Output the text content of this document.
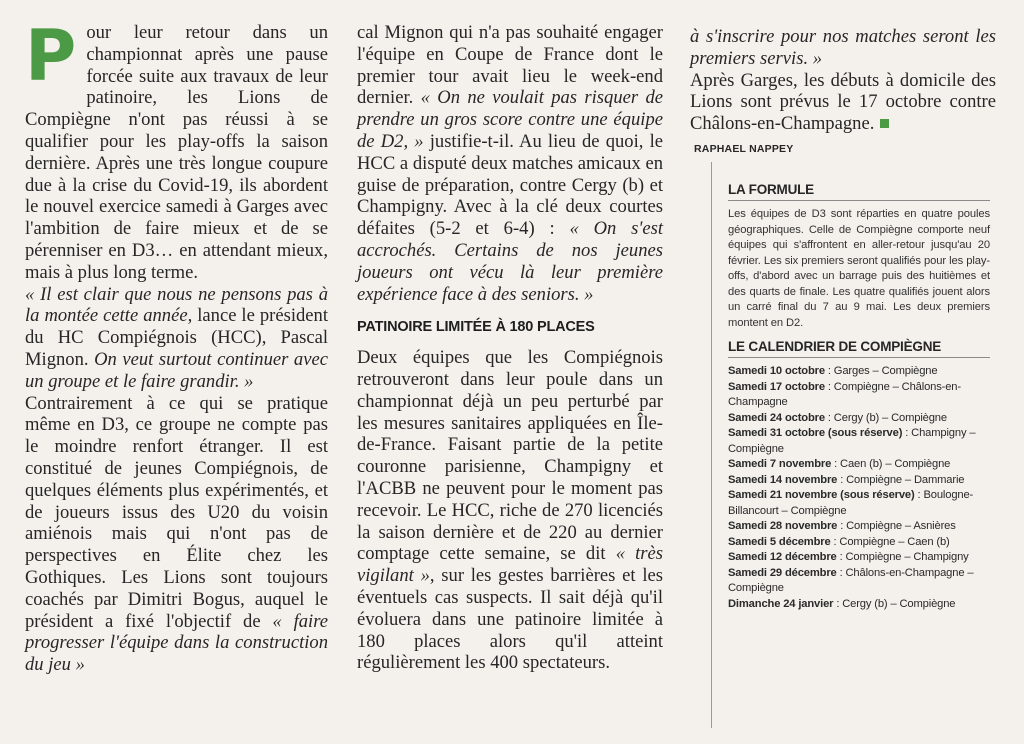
Pour leur retour dans un championnat après une pause forcée suite aux travaux de leur patinoire, les Lions de Compiègne n'ont pas réussi à se qualifier pour les play-offs la saison dernière. Après une très longue coupure due à la crise du Covid-19, ils abordent le nouvel exercice samedi à Garges avec l'ambition de faire mieux et de se pérenniser en D3… en attendant mieux, mais à plus long terme.

« Il est clair que nous ne pensons pas à la montée cette année, lance le président du HC Compiégnois (HCC), Pascal Mignon. On veut surtout continuer avec un groupe et le faire grandir. »

Contrairement à ce qui se pratique même en D3, ce groupe ne compte pas le moindre renfort étranger. Il est constitué de jeunes Compiégnois, de quelques éléments plus expérimentés, et de joueurs issus des U20 du voisin amiénois mais qui n'ont pas de perspectives en Élite chez les Gothiques. Les Lions sont toujours coachés par Dimitri Bogus, auquel le président a fixé l'objectif de « faire progresser l'équipe dans la construction du jeu »

cal Mignon qui n'a pas souhaité engager l'équipe en Coupe de France dont le premier tour avait lieu le week-end dernier. « On ne voulait pas risquer de prendre un gros score contre une équipe de D2, » justifie-t-il. Au lieu de quoi, le HCC a disputé deux matches amicaux en guise de préparation, contre Cergy (b) et Champigny. Avec à la clé deux courtes défaites (5-2 et 6-4) : « On s'est accrochés. Certains de nos jeunes joueurs ont vécu là leur première expérience face à des seniors. »

PATINOIRE LIMITÉE À 180 PLACES

Deux équipes que les Compiégnois retrouveront dans leur poule dans un championnat déjà un peu perturbé par les mesures sanitaires appliquées en Île-de-France. Faisant partie de la petite couronne parisienne, Champigny et l'ACBB ne peuvent pour le moment pas recevoir. Le HCC, riche de 270 licenciés la saison dernière et de 220 au dernier comptage cette semaine, se dit « très vigilant », sur les gestes barrières et les éventuels cas suspects. Il sait déjà qu'il évoluera dans une patinoire limitée à 180 places alors qu'il atteint régulièrement les 400 spectateurs.

à s'inscrire pour nos matches seront les premiers servis. »

Après Garges, les débuts à domicile des Lions sont prévus le 17 octobre contre Châlons-en-Champagne.

RAPHAEL NAPPEY
LA FORMULE
Les équipes de D3 sont réparties en quatre poules géographiques. Celle de Compiègne comporte neuf équipes qui s'affrontent en aller-retour jusqu'au 20 février. Les six premiers seront qualifiés pour les play-offs, d'abord avec un barrage puis des huitièmes et des quarts de finale. Les quatre qualifiés jouent alors un carré final du 7 au 9 mai. Les deux premiers montent en D2.
LE CALENDRIER DE COMPIÈGNE
Samedi 10 octobre : Garges – Compiègne
Samedi 17 octobre : Compiègne – Châlons-en-Champagne
Samedi 24 octobre : Cergy (b) – Compiègne
Samedi 31 octobre (sous réserve) : Champigny – Compiègne
Samedi 7 novembre : Caen (b) – Compiègne
Samedi 14 novembre : Compiègne – Dammarie
Samedi 21 novembre (sous réserve) : Boulogne-Billancourt – Compiègne
Samedi 28 novembre : Compiègne – Asnières
Samedi 5 décembre : Compiègne – Caen (b)
Samedi 12 décembre : Compiègne – Champigny
Samedi 29 décembre : Châlons-en-Champagne – Compiègne
Dimanche 24 janvier : Cergy (b) – Compiègne
